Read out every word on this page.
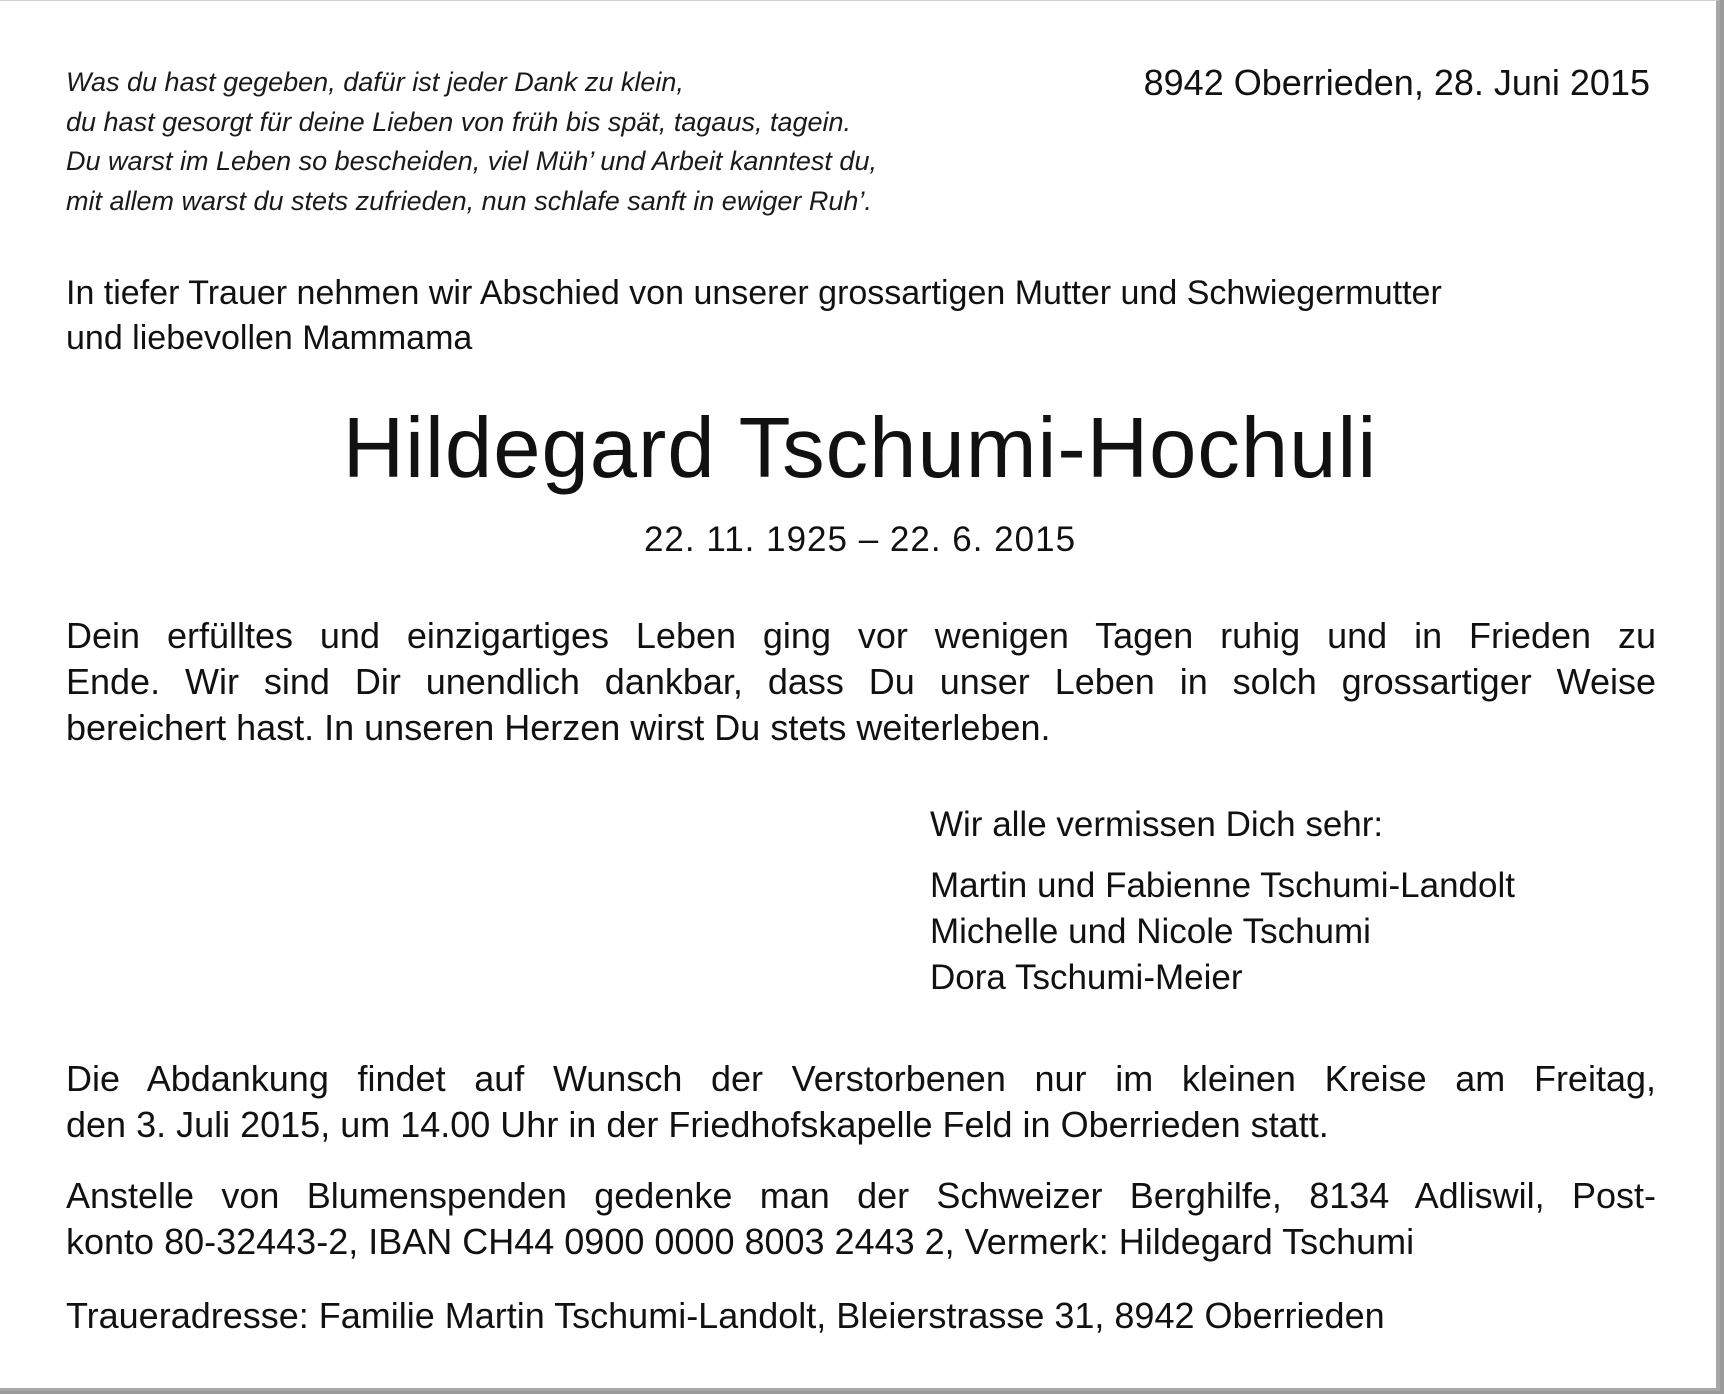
Was du hast gegeben, dafür ist jeder Dank zu klein,
du hast gesorgt für deine Lieben von früh bis spät, tagaus, tagein.
Du warst im Leben so bescheiden, viel Müh’ und Arbeit kanntest du,
mit allem warst du stets zufrieden, nun schlafe sanft in ewiger Ruh’.
8942 Oberrieden, 28. Juni 2015
In tiefer Trauer nehmen wir Abschied von unserer grossartigen Mutter und Schwiegermutter
und liebevollen Mammama
Hildegard Tschumi-Hochuli
22. 11. 1925 – 22. 6. 2015
Dein erfülltes und einzigartiges Leben ging vor wenigen Tagen ruhig und in Frieden zu
Ende. Wir sind Dir unendlich dankbar, dass Du unser Leben in solch grossartiger Weise
bereichert hast. In unseren Herzen wirst Du stets weiterleben.
Wir alle vermissen Dich sehr:
Martin und Fabienne Tschumi-Landolt
Michelle und Nicole Tschumi
Dora Tschumi-Meier
Die Abdankung findet auf Wunsch der Verstorbenen nur im kleinen Kreise am Freitag,
den 3. Juli 2015, um 14.00 Uhr in der Friedhofskapelle Feld in Oberrieden statt.
Anstelle von Blumenspenden gedenke man der Schweizer Berghilfe, 8134 Adliswil, Post-
konto 80-32443-2, IBAN CH44 0900 0000 8003 2443 2, Vermerk: Hildegard Tschumi
Traueradresse: Familie Martin Tschumi-Landolt, Bleierstrasse 31, 8942 Oberrieden
